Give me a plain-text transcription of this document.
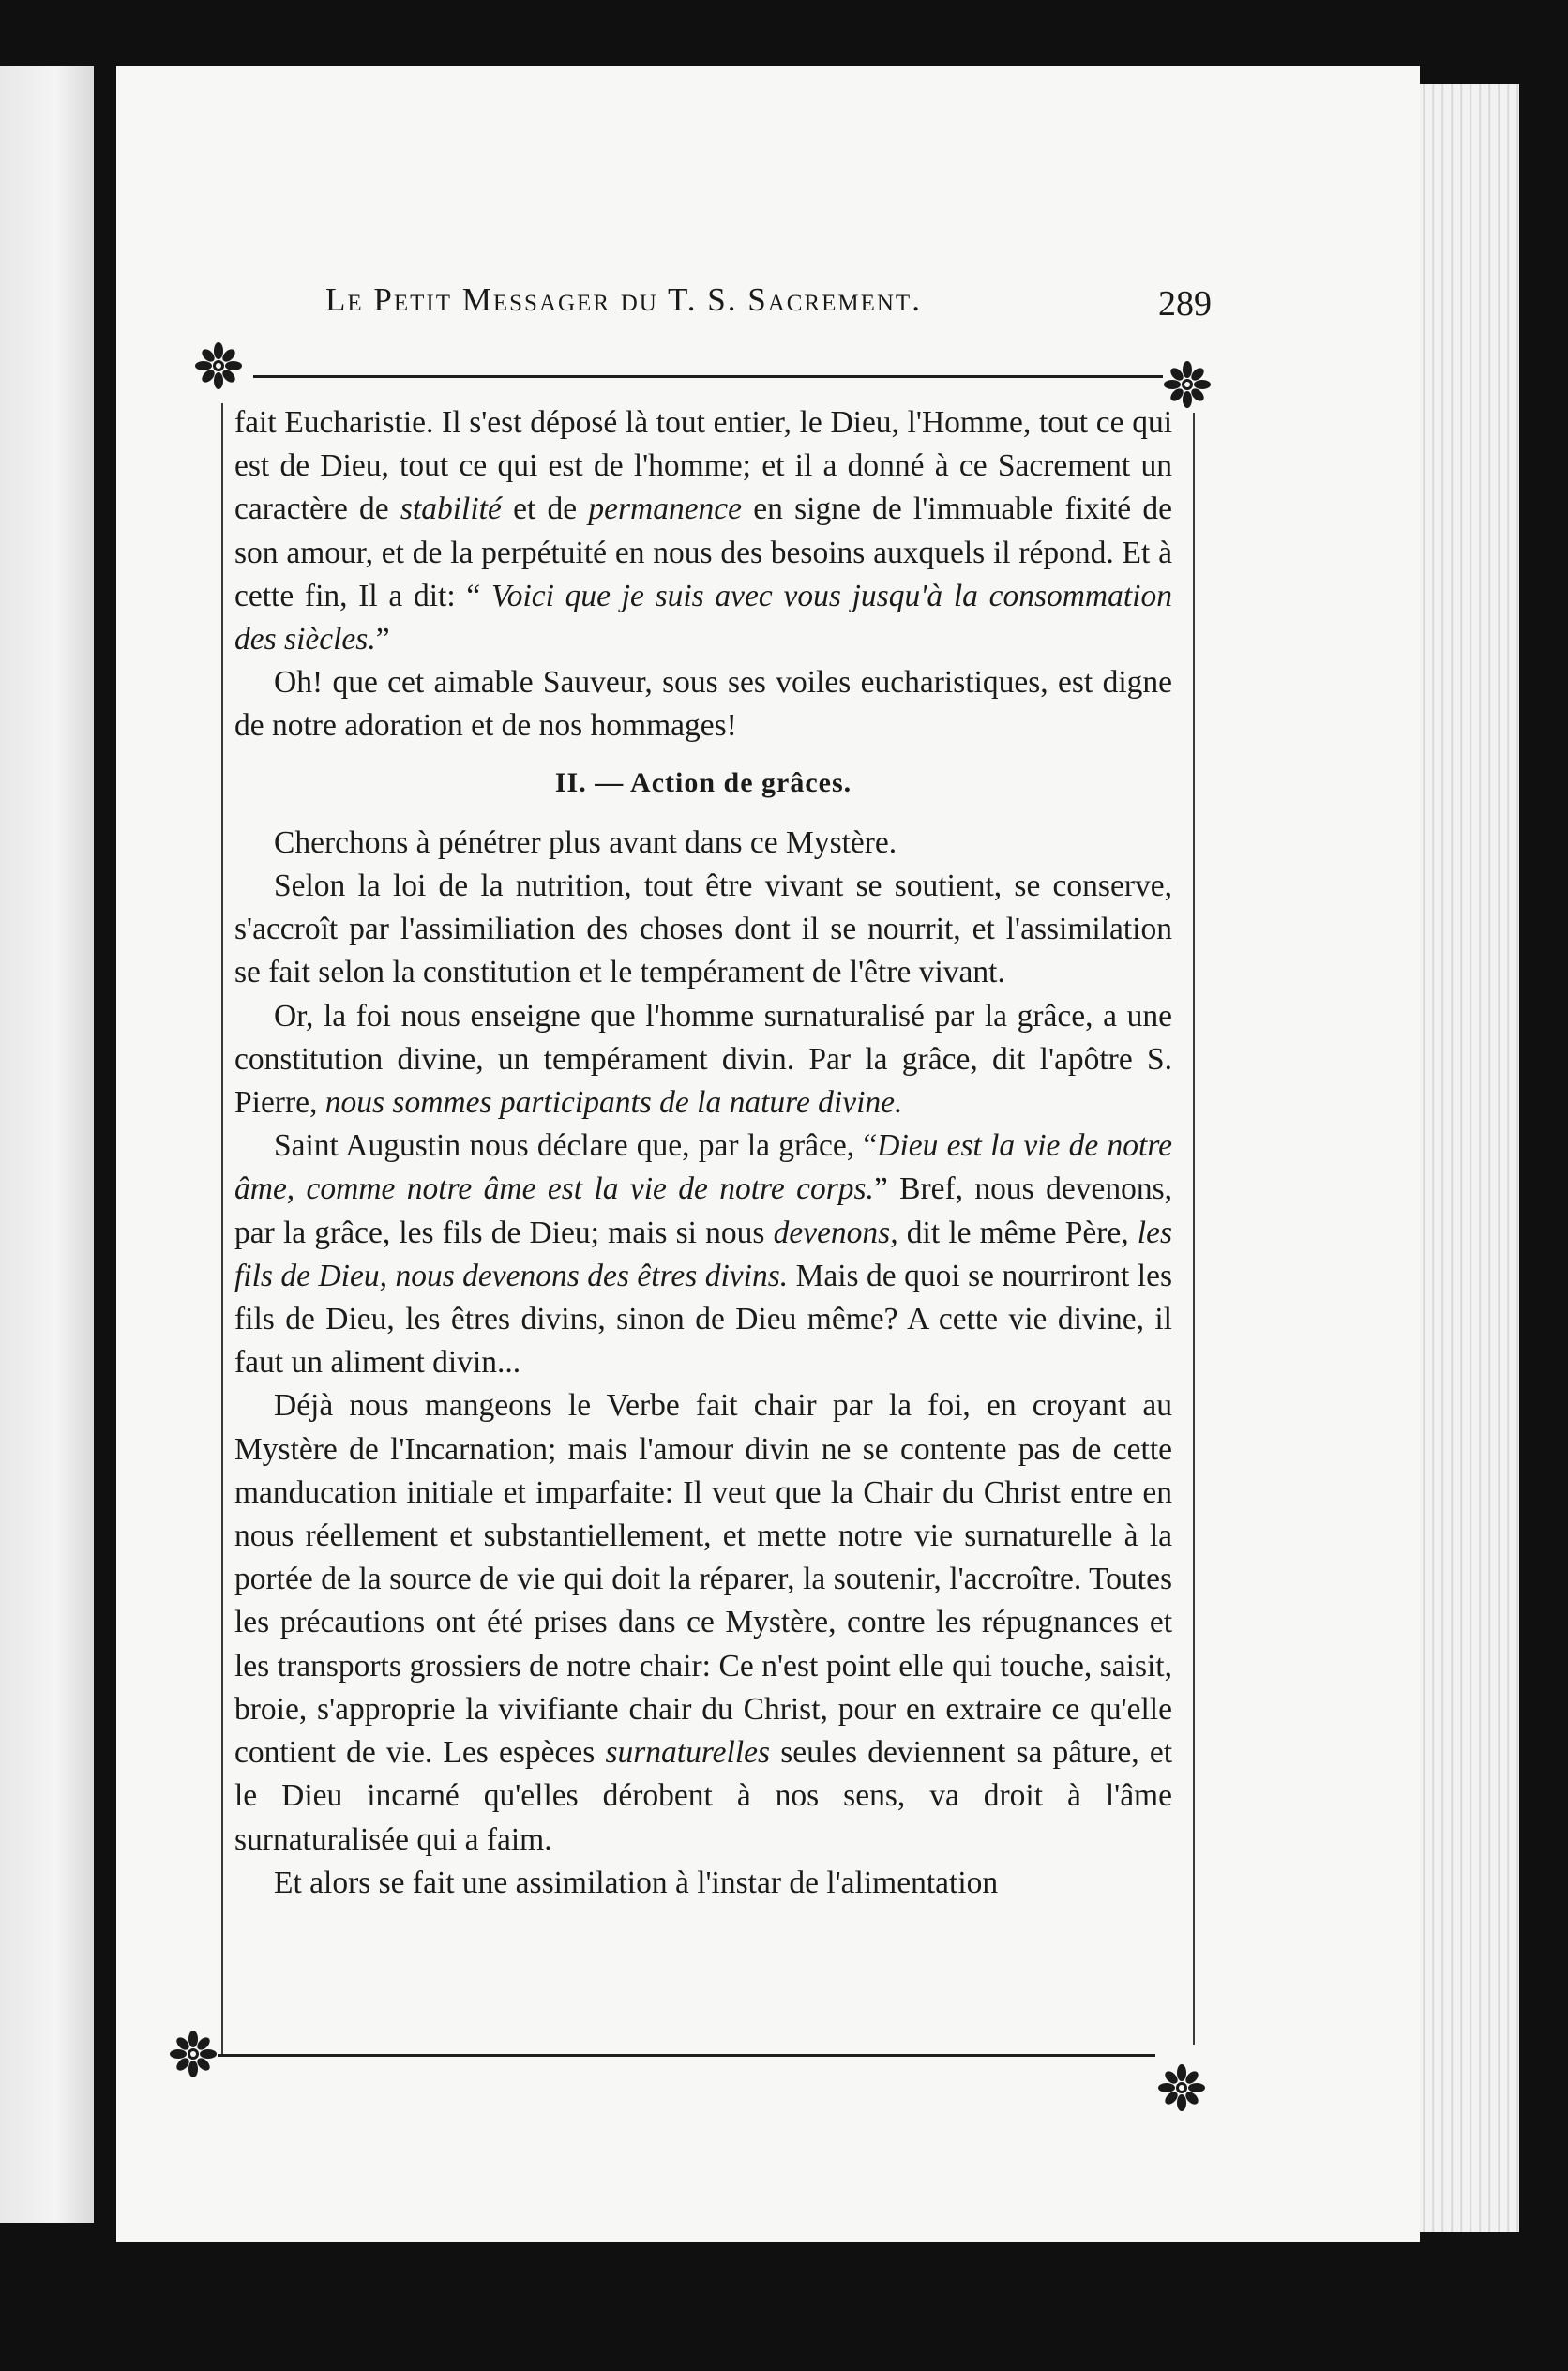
Le Petit Messager du T. S. Sacrement.	289

fait Eucharistie. Il s'est déposé là tout entier, le Dieu, l'Homme, tout ce qui est de Dieu, tout ce qui est de l'homme; et il a donné à ce Sacrement un caractère de stabilité et de permanence en signe de l'immuable fixité de son amour, et de la perpétuité en nous des besoins auxquels il répond. Et à cette fin, Il a dit: “ Voici que je suis avec vous jusqu'à la consommation des siècles.”

Oh! que cet aimable Sauveur, sous ses voiles eucharistiques, est digne de notre adoration et de nos hommages!

II. — Action de grâces.

Cherchons à pénétrer plus avant dans ce Mystère.

Selon la loi de la nutrition, tout être vivant se soutient, se conserve, s'accroît par l'assimiliation des choses dont il se nourrit, et l'assimilation se fait selon la constitution et le tempérament de l'être vivant.

Or, la foi nous enseigne que l'homme surnaturalisé par la grâce, a une constitution divine, un tempérament divin. Par la grâce, dit l'apôtre S. Pierre, nous sommes participants de la nature divine.

Saint Augustin nous déclare que, par la grâce, “Dieu est la vie de notre âme, comme notre âme est la vie de notre corps.” Bref, nous devenons, par la grâce, les fils de Dieu; mais si nous devenons, dit le même Père, les fils de Dieu, nous devenons des êtres divins. Mais de quoi se nourriront les fils de Dieu, les êtres divins, sinon de Dieu même? A cette vie divine, il faut un aliment divin...

Déjà nous mangeons le Verbe fait chair par la foi, en croyant au Mystère de l'Incarnation; mais l'amour divin ne se contente pas de cette manducation initiale et imparfaite: Il veut que la Chair du Christ entre en nous réellement et substantiellement, et mette notre vie surnaturelle à la portée de la source de vie qui doit la réparer, la soutenir, l'accroître. Toutes les précautions ont été prises dans ce Mystère, contre les répugnances et les transports grossiers de notre chair: Ce n'est point elle qui touche, saisit, broie, s'approprie la vivifiante chair du Christ, pour en extraire ce qu'elle contient de vie. Les espèces surnaturelles seules deviennent sa pâture, et le Dieu incarné qu'elles dérobent à nos sens, va droit à l'âme surnaturalisée qui a faim.

Et alors se fait une assimilation à l'instar de l'alimentation
